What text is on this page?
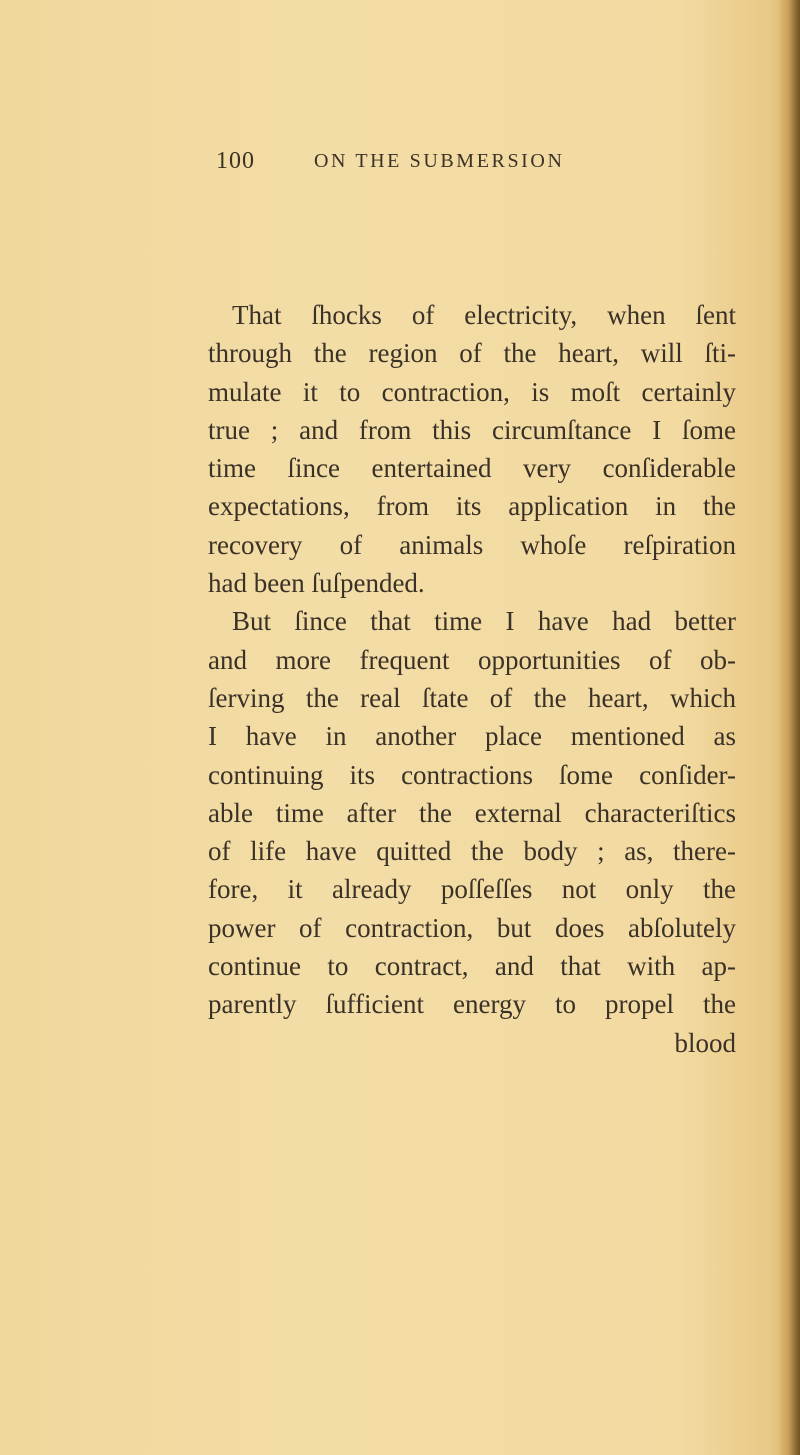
100	ON THE SUBMERSION
That ſhocks of electricity, when ſent
through the region of the heart, will ſti-
mulate it to contraction, is moſt certainly
true ; and from this circumſtance I ſome
time ſince entertained very conſiderable
expectations, from its application in the
recovery of animals whoſe reſpiration
had been ſuſpended.
But ſince that time I have had better
and more frequent opportunities of ob-
ſerving the real ſtate of the heart, which
I have in another place mentioned as
continuing its contractions ſome conſider-
able time after the external characteriſtics
of life have quitted the body ; as, there-
fore, it already poſſeſſes not only the
power of contraction, but does abſolutely
continue to contract, and that with ap-
parently ſufficient energy to propel the
blood
